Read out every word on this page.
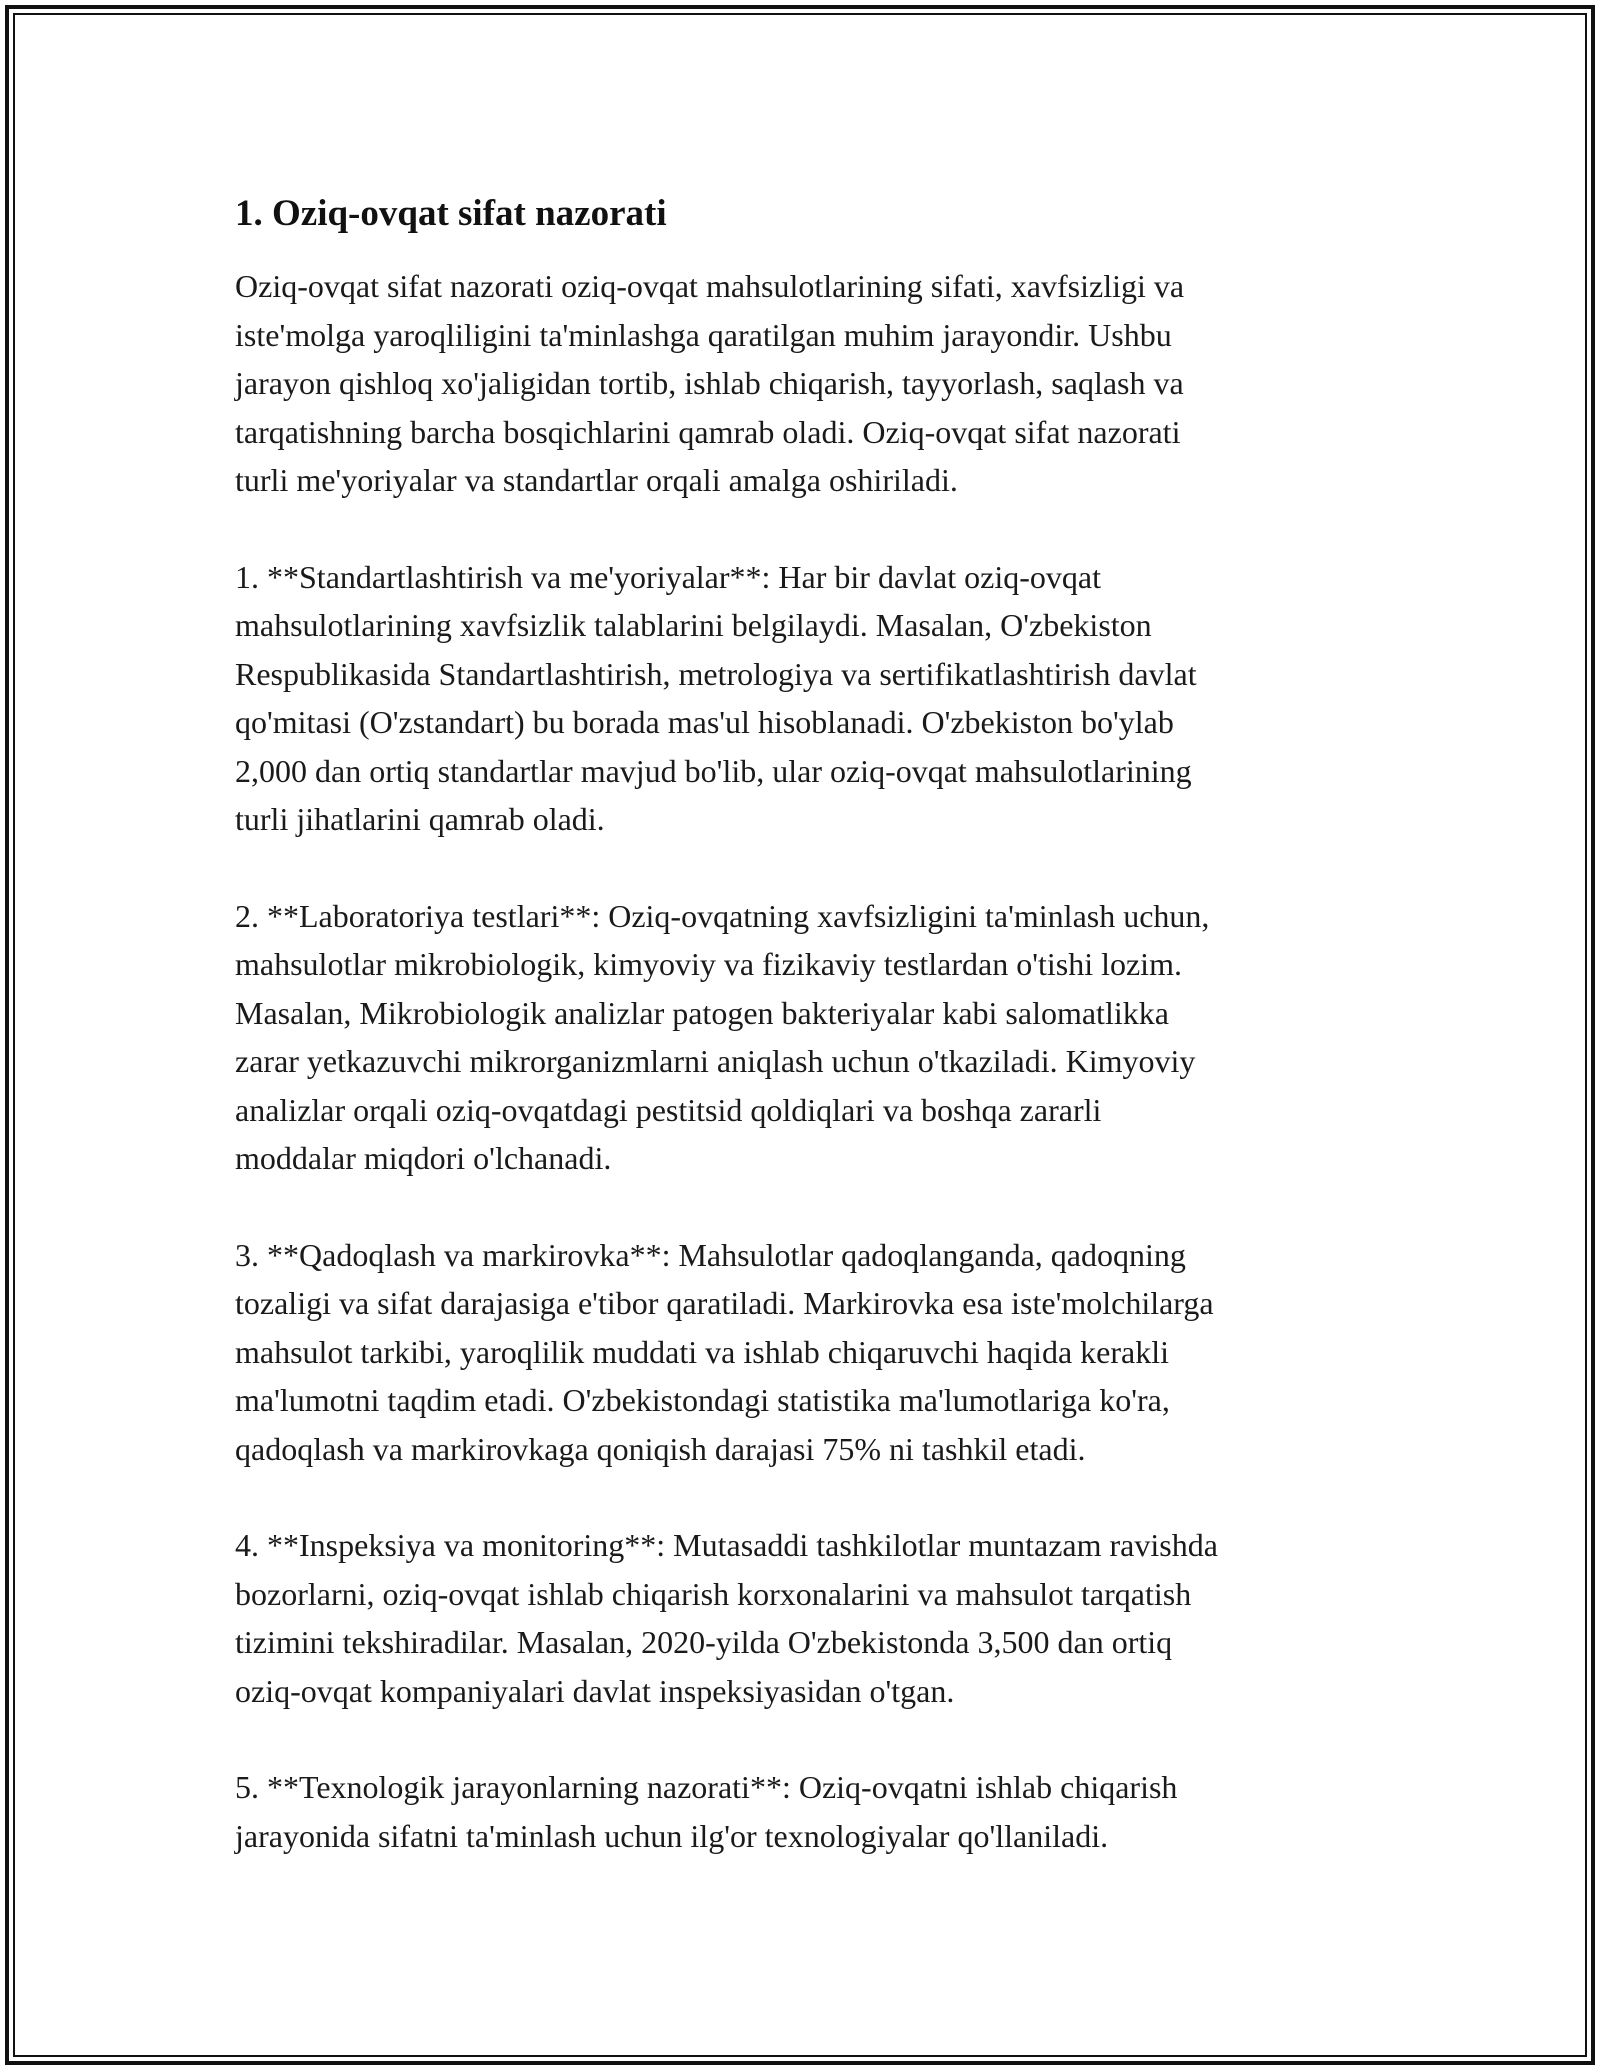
1. Oziq-ovqat sifat nazorati

Oziq-ovqat sifat nazorati oziq-ovqat mahsulotlarining sifati, xavfsizligi va
iste'molga yaroqliligini ta'minlashga qaratilgan muhim jarayondir. Ushbu
jarayon qishloq xo'jaligidan tortib, ishlab chiqarish, tayyorlash, saqlash va
tarqatishning barcha bosqichlarini qamrab oladi. Oziq-ovqat sifat nazorati
turli me'yoriyalar va standartlar orqali amalga oshiriladi.

1. **Standartlashtirish va me'yoriyalar**: Har bir davlat oziq-ovqat
mahsulotlarining xavfsizlik talablarini belgilaydi. Masalan, O'zbekiston
Respublikasida Standartlashtirish, metrologiya va sertifikatlashtirish davlat
qo'mitasi (O'zstandart) bu borada mas'ul hisoblanadi. O'zbekiston bo'ylab
2,000 dan ortiq standartlar mavjud bo'lib, ular oziq-ovqat mahsulotlarining
turli jihatlarini qamrab oladi.

2. **Laboratoriya testlari**: Oziq-ovqatning xavfsizligini ta'minlash uchun,
mahsulotlar mikrobiologik, kimyoviy va fizikaviy testlardan o'tishi lozim.
Masalan, Mikrobiologik analizlar patogen bakteriyalar kabi salomatlikka
zarar yetkazuvchi mikrorganizmlarni aniqlash uchun o'tkaziladi. Kimyoviy
analizlar orqali oziq-ovqatdagi pestitsid qoldiqlari va boshqa zararli
moddalar miqdori o'lchanadi.

3. **Qadoqlash va markirovka**: Mahsulotlar qadoqlanganda, qadoqning
tozaligi va sifat darajasiga e'tibor qaratiladi. Markirovka esa iste'molchilarga
mahsulot tarkibi, yaroqlilik muddati va ishlab chiqaruvchi haqida kerakli
ma'lumotni taqdim etadi. O'zbekistondagi statistika ma'lumotlariga ko'ra,
qadoqlash va markirovkaga qoniqish darajasi 75% ni tashkil etadi.

4. **Inspeksiya va monitoring**: Mutasaddi tashkilotlar muntazam ravishda
bozorlarni, oziq-ovqat ishlab chiqarish korxonalarini va mahsulot tarqatish
tizimini tekshiradilar. Masalan, 2020-yilda O'zbekistonda 3,500 dan ortiq
oziq-ovqat kompaniyalari davlat inspeksiyasidan o'tgan.

5. **Texnologik jarayonlarning nazorati**: Oziq-ovqatni ishlab chiqarish
jarayonida sifatni ta'minlash uchun ilg'or texnologiyalar qo'llaniladi.
